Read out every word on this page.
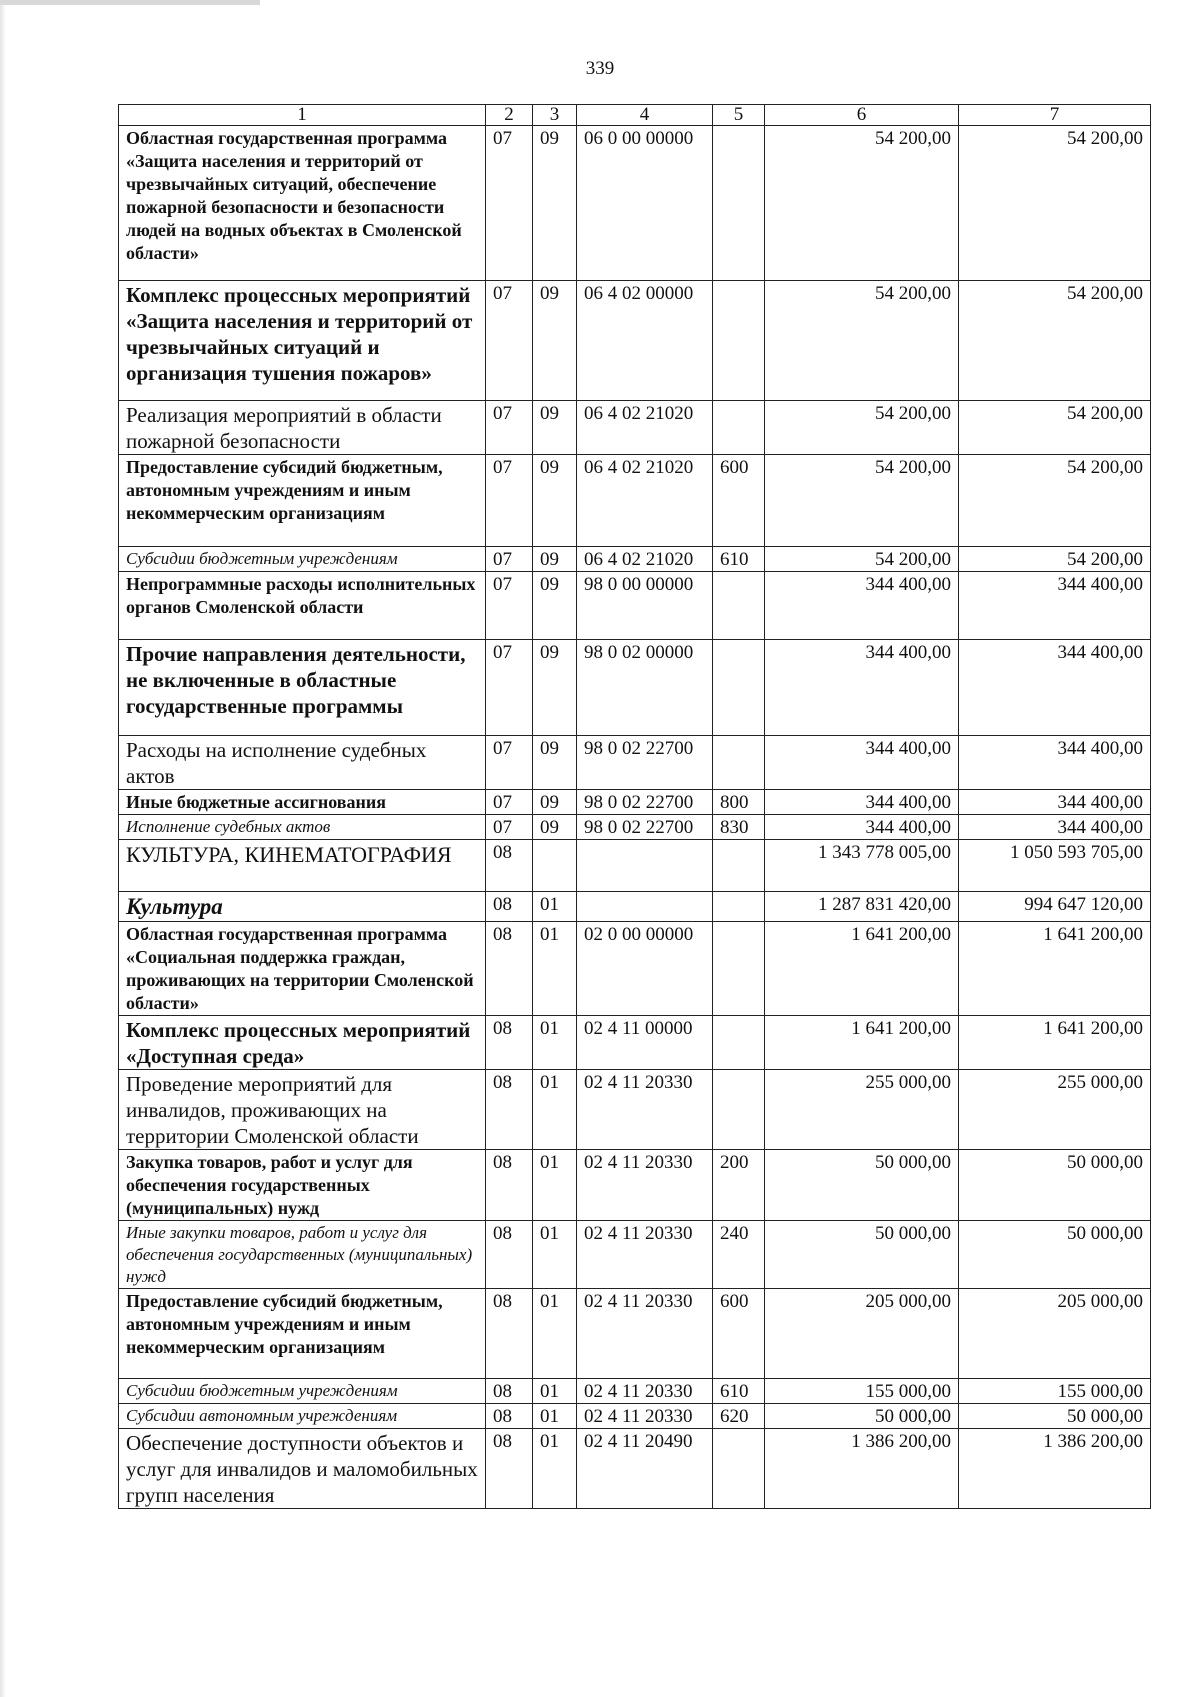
339
1	2	3	4	5	6	7
Областная государственная программа «Защита населения и территорий от чрезвычайных ситуаций, обеспечение пожарной безопасности и безопасности людей на водных объектах в Смоленской области»	07	09	06 0 00 00000		54 200,00	54 200,00
Комплекс процессных мероприятий «Защита населения и территорий от чрезвычайных ситуаций и организация тушения пожаров»	07	09	06 4 02 00000		54 200,00	54 200,00
Реализация мероприятий в области пожарной безопасности	07	09	06 4 02 21020		54 200,00	54 200,00
Предоставление субсидий бюджетным, автономным учреждениям и иным некоммерческим организациям	07	09	06 4 02 21020	600	54 200,00	54 200,00
Субсидии бюджетным учреждениям	07	09	06 4 02 21020	610	54 200,00	54 200,00
Непрограммные расходы исполнительных органов Смоленской области	07	09	98 0 00 00000		344 400,00	344 400,00
Прочие направления деятельности, не включенные в областные государственные программы	07	09	98 0 02 00000		344 400,00	344 400,00
Расходы на исполнение судебных актов	07	09	98 0 02 22700		344 400,00	344 400,00
Иные бюджетные ассигнования	07	09	98 0 02 22700	800	344 400,00	344 400,00
Исполнение судебных актов	07	09	98 0 02 22700	830	344 400,00	344 400,00
КУЛЬТУРА, КИНЕМАТОГРАФИЯ	08				1 343 778 005,00	1 050 593 705,00
Культура	08	01			1 287 831 420,00	994 647 120,00
Областная государственная программа «Социальная поддержка граждан, проживающих на территории Смоленской области»	08	01	02 0 00 00000		1 641 200,00	1 641 200,00
Комплекс процессных мероприятий «Доступная среда»	08	01	02 4 11 00000		1 641 200,00	1 641 200,00
Проведение мероприятий для инвалидов, проживающих на территории Смоленской области	08	01	02 4 11 20330		255 000,00	255 000,00
Закупка товаров, работ и услуг для обеспечения государственных (муниципальных) нужд	08	01	02 4 11 20330	200	50 000,00	50 000,00
Иные закупки товаров, работ и услуг для обеспечения государственных (муниципальных) нужд	08	01	02 4 11 20330	240	50 000,00	50 000,00
Предоставление субсидий бюджетным, автономным учреждениям и иным некоммерческим организациям	08	01	02 4 11 20330	600	205 000,00	205 000,00
Субсидии бюджетным учреждениям	08	01	02 4 11 20330	610	155 000,00	155 000,00
Субсидии автономным учреждениям	08	01	02 4 11 20330	620	50 000,00	50 000,00
Обеспечение доступности объектов и услуг для инвалидов и маломобильных групп населения	08	01	02 4 11 20490		1 386 200,00	1 386 200,00
